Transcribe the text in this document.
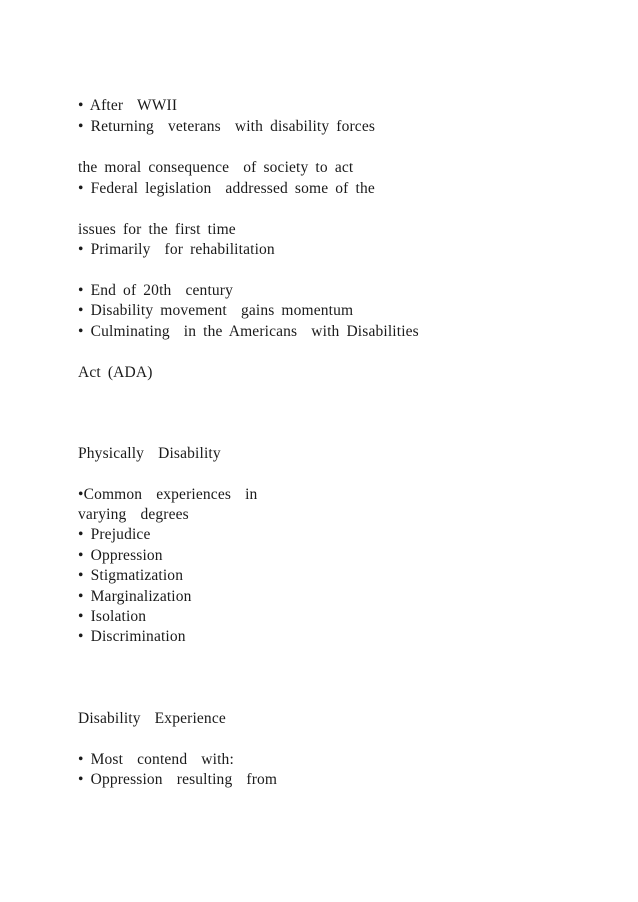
• After  WWII
• Returning  veterans  with disability forces
the moral consequence  of society to act
• Federal legislation  addressed some of the
issues for the first time
• Primarily  for rehabilitation
• End of 20th  century
• Disability movement  gains momentum
• Culminating  in the Americans  with Disabilities
Act (ADA)
Physically  Disability
•Common  experiences  in
varying  degrees
• Prejudice
• Oppression
• Stigmatization
• Marginalization
• Isolation
• Discrimination
Disability  Experience
• Most  contend  with:
• Oppression  resulting  from
